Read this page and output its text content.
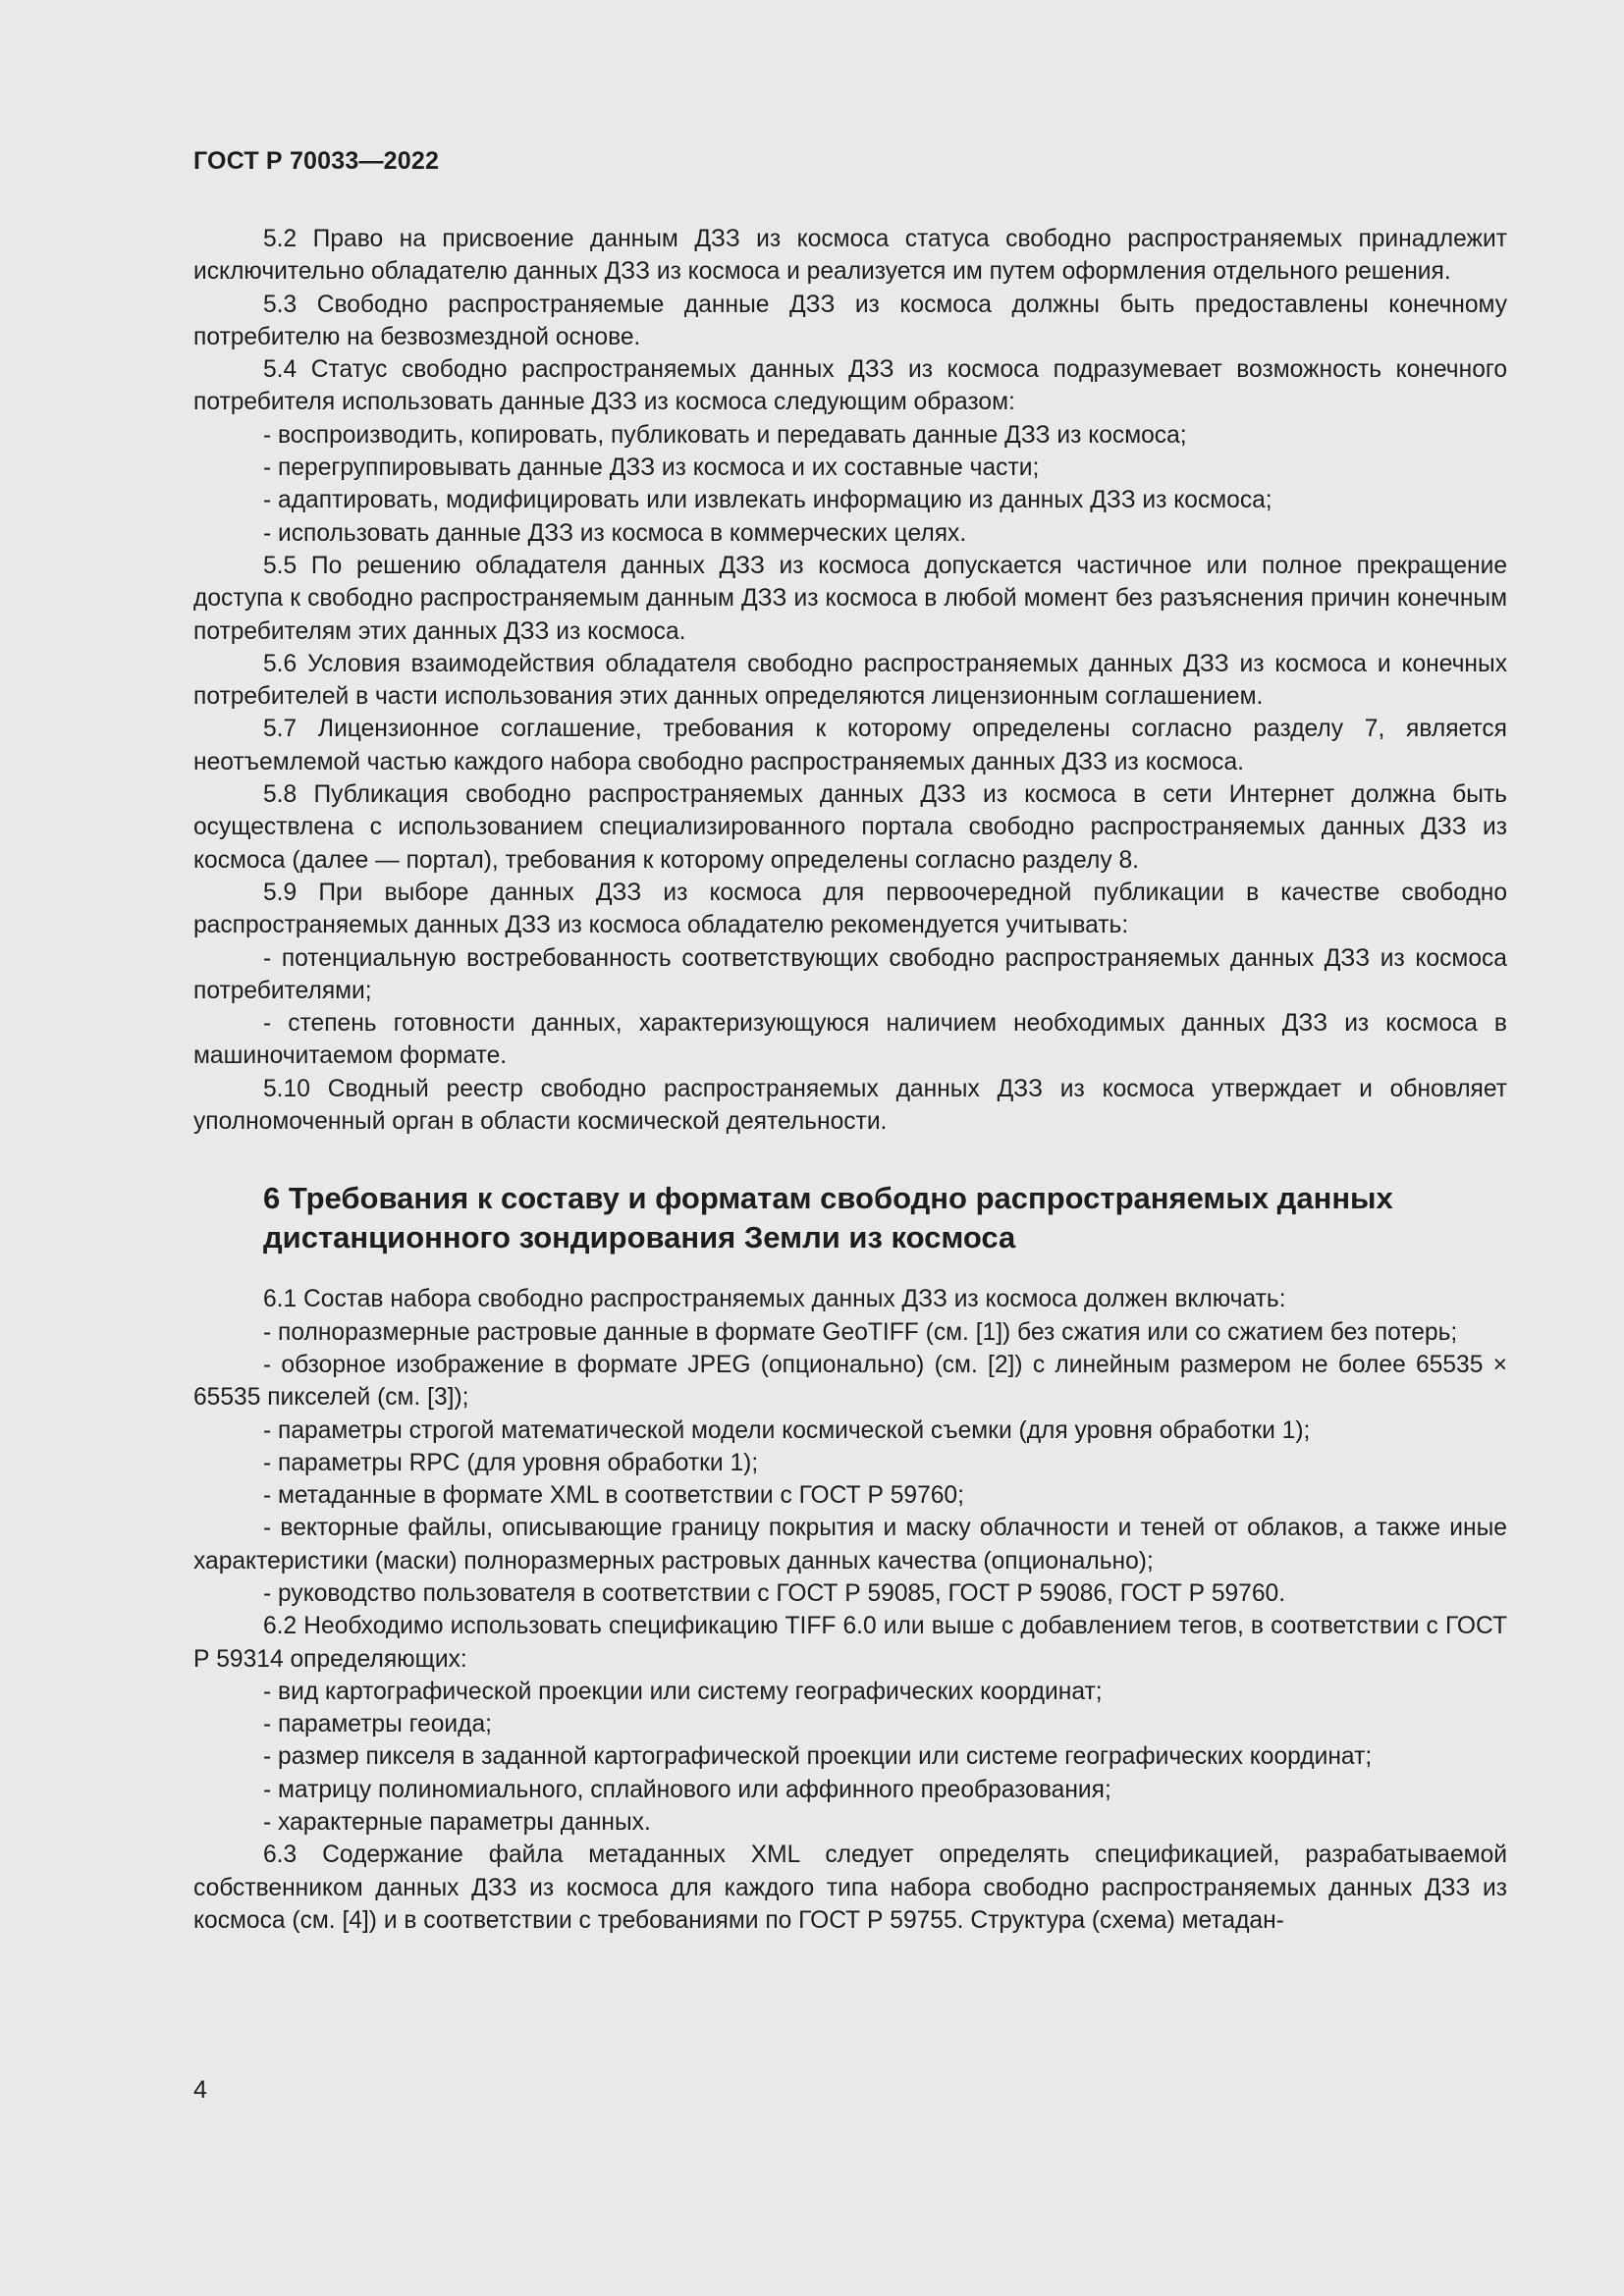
ГОСТ Р 70033—2022

5.2 Право на присвоение данным ДЗЗ из космоса статуса свободно распространяемых принадлежит исключительно обладателю данных ДЗЗ из космоса и реализуется им путем оформления отдельного решения.

5.3 Свободно распространяемые данные ДЗЗ из космоса должны быть предоставлены конечному потребителю на безвозмездной основе.

5.4 Статус свободно распространяемых данных ДЗЗ из космоса подразумевает возможность конечного потребителя использовать данные ДЗЗ из космоса следующим образом:

- воспроизводить, копировать, публиковать и передавать данные ДЗЗ из космоса;

- перегруппировывать данные ДЗЗ из космоса и их составные части;

- адаптировать, модифицировать или извлекать информацию из данных ДЗЗ из космоса;

- использовать данные ДЗЗ из космоса в коммерческих целях.

5.5 По решению обладателя данных ДЗЗ из космоса допускается частичное или полное прекращение доступа к свободно распространяемым данным ДЗЗ из космоса в любой момент без разъяснения причин конечным потребителям этих данных ДЗЗ из космоса.

5.6 Условия взаимодействия обладателя свободно распространяемых данных ДЗЗ из космоса и конечных потребителей в части использования этих данных определяются лицензионным соглашением.

5.7 Лицензионное соглашение, требования к которому определены согласно разделу 7, является неотъемлемой частью каждого набора свободно распространяемых данных ДЗЗ из космоса.

5.8 Публикация свободно распространяемых данных ДЗЗ из космоса в сети Интернет должна быть осуществлена с использованием специализированного портала свободно распространяемых данных ДЗЗ из космоса (далее — портал), требования к которому определены согласно разделу 8.

5.9 При выборе данных ДЗЗ из космоса для первоочередной публикации в качестве свободно распространяемых данных ДЗЗ из космоса обладателю рекомендуется учитывать:

- потенциальную востребованность соответствующих свободно распространяемых данных ДЗЗ из космоса потребителями;

- степень готовности данных, характеризующуюся наличием необходимых данных ДЗЗ из космоса в машиночитаемом формате.

5.10 Сводный реестр свободно распространяемых данных ДЗЗ из космоса утверждает и обновляет уполномоченный орган в области космической деятельности.

6 Требования к составу и форматам свободно распространяемых данных дистанционного зондирования Земли из космоса

6.1 Состав набора свободно распространяемых данных ДЗЗ из космоса должен включать:

- полноразмерные растровые данные в формате GeoTIFF (см. [1]) без сжатия или со сжатием без потерь;

- обзорное изображение в формате JPEG (опционально) (см. [2]) с линейным размером не более 65535 × 65535 пикселей (см. [3]);

- параметры строгой математической модели космической съемки (для уровня обработки 1);

- параметры RPC (для уровня обработки 1);

- метаданные в формате XML в соответствии с ГОСТ Р 59760;

- векторные файлы, описывающие границу покрытия и маску облачности и теней от облаков, а также иные характеристики (маски) полноразмерных растровых данных качества (опционально);

- руководство пользователя в соответствии с ГОСТ Р 59085, ГОСТ Р 59086, ГОСТ Р 59760.

6.2 Необходимо использовать спецификацию TIFF 6.0 или выше с добавлением тегов, в соответствии с ГОСТ Р 59314 определяющих:

- вид картографической проекции или систему географических координат;

- параметры геоида;

- размер пикселя в заданной картографической проекции или системе географических координат;

- матрицу полиномиального, сплайнового или аффинного преобразования;

- характерные параметры данных.

6.3 Содержание файла метаданных XML следует определять спецификацией, разрабатываемой собственником данных ДЗЗ из космоса для каждого типа набора свободно распространяемых данных ДЗЗ из космоса (см. [4]) и в соответствии с требованиями по ГОСТ Р 59755. Структура (схема) метадан-

4
